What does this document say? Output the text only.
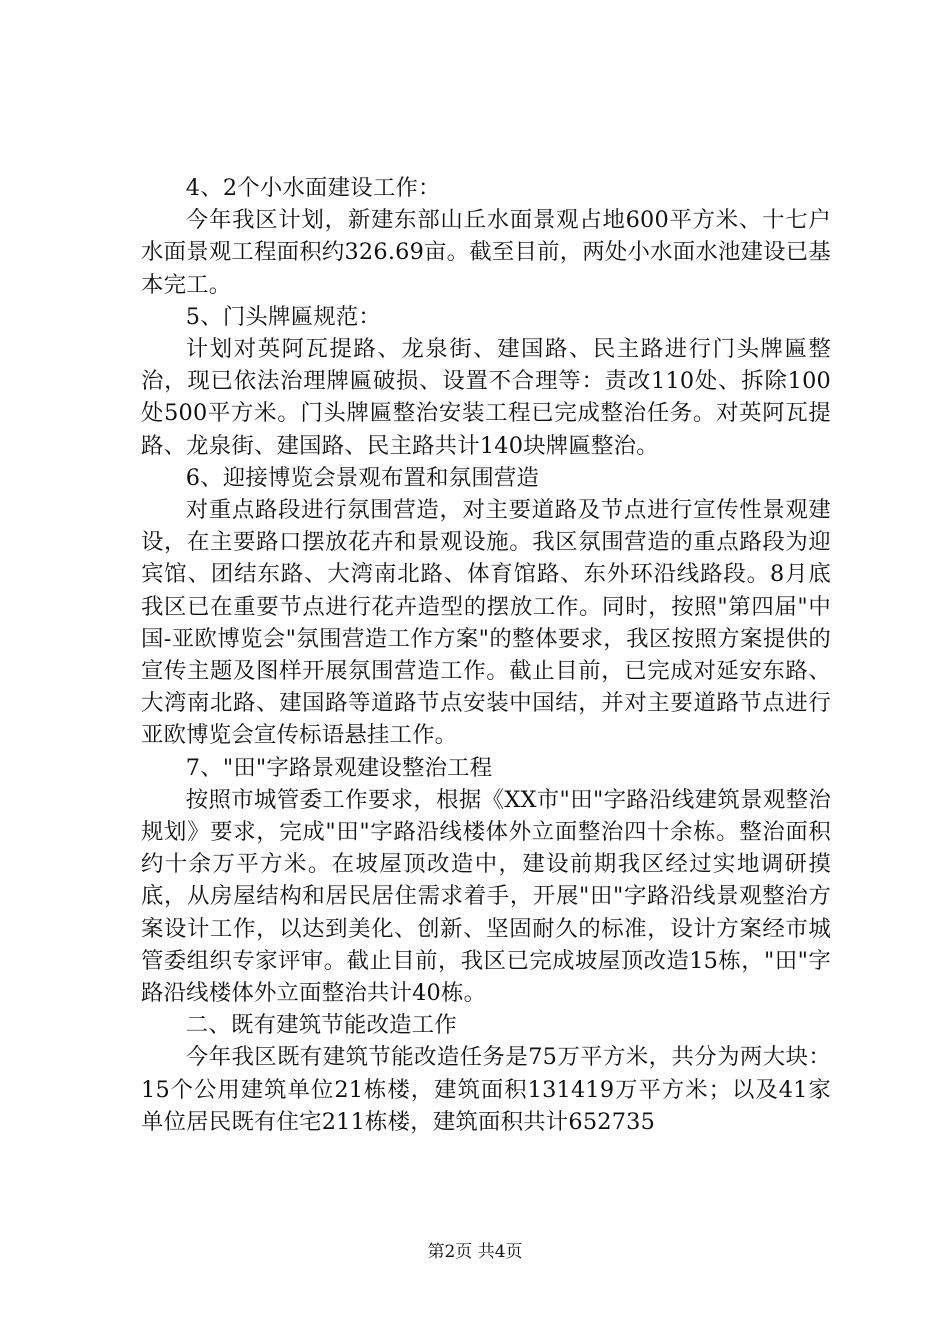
4、2个小水面建设工作：

今年我区计划，新建东部山丘水面景观占地600平方米、十七户水面景观工程面积约326.69亩。截至目前，两处小水面水池建设已基本完工。

5、门头牌匾规范：

计划对英阿瓦提路、龙泉街、建国路、民主路进行门头牌匾整治，现已依法治理牌匾破损、设置不合理等：责改110处、拆除100处500平方米。门头牌匾整治安装工程已完成整治任务。对英阿瓦提路、龙泉街、建国路、民主路共计140块牌匾整治。

6、迎接博览会景观布置和氛围营造

对重点路段进行氛围营造，对主要道路及节点进行宣传性景观建设，在主要路口摆放花卉和景观设施。我区氛围营造的重点路段为迎宾馆、团结东路、大湾南北路、体育馆路、东外环沿线路段。8月底我区已在重要节点进行花卉造型的摆放工作。同时，按照"第四届"中国-亚欧博览会"氛围营造工作方案"的整体要求，我区按照方案提供的宣传主题及图样开展氛围营造工作。截止目前，已完成对延安东路、大湾南北路、建国路等道路节点安装中国结，并对主要道路节点进行亚欧博览会宣传标语悬挂工作。

7、"田"字路景观建设整治工程

按照市城管委工作要求，根据《XX市"田"字路沿线建筑景观整治规划》要求，完成"田"字路沿线楼体外立面整治四十余栋。整治面积约十余万平方米。在坡屋顶改造中，建设前期我区经过实地调研摸底，从房屋结构和居民居住需求着手，开展"田"字路沿线景观整治方案设计工作，以达到美化、创新、坚固耐久的标准，设计方案经市城管委组织专家评审。截止目前，我区已完成坡屋顶改造15栋，"田"字路沿线楼体外立面整治共计40栋。

二、既有建筑节能改造工作

今年我区既有建筑节能改造任务是75万平方米，共分为两大块：15个公用建筑单位21栋楼，建筑面积131419万平方米；以及41家单位居民既有住宅211栋楼，建筑面积共计652735

第2页 共4页
